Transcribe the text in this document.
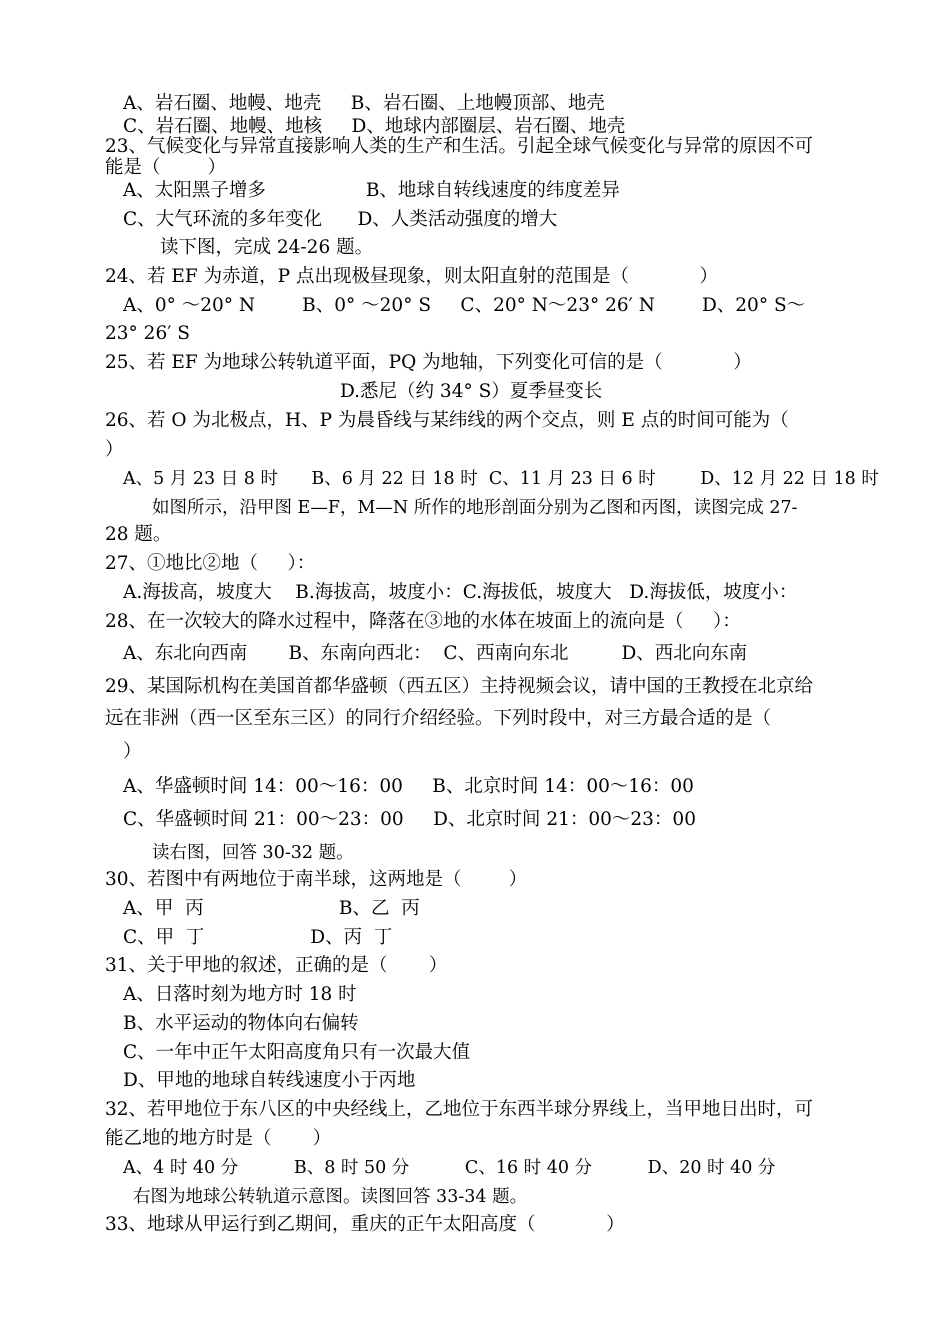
A、岩石圈、地幔、地壳     B、岩石圈、上地幔顶部、地壳
C、岩石圈、地幔、地核     D、地球内部圈层、岩石圈、地壳
23、气候变化与异常直接影响人类的生产和生活。引起全球气候变化与异常的原因不可
能是（        ）
A、太阳黑子增多                 B、地球自转线速度的纬度差异
C、大气环流的多年变化      D、人类活动强度的增大
读下图，完成 24-26 题。
24、若 EF 为赤道，P 点出现极昼现象，则太阳直射的范围是（            ）
A、0° ～20° N        B、0° ～20° S     C、20° N～23° 26′ N        D、20° S～
23° 26′ S
25、若 EF 为地球公转轨道平面，PQ 为地轴，下列变化可信的是（            ）
D.悉尼（约 34° S）夏季昼变长
26、若 O 为北极点，H、P 为晨昏线与某纬线的两个交点，则 E 点的时间可能为（
）
A、5 月 23 日 8 时      B、6 月 22 日 18 时  C、11 月 23 日 6 时        D、12 月 22 日 18 时
如图所示，沿甲图 E—F，M—N 所作的地形剖面分别为乙图和丙图，读图完成 27-
28 题。
27、①地比②地（     ）：
A.海拔高，坡度大    B.海拔高，坡度小：C.海拔低，坡度大   D.海拔低，坡度小：
28、在一次较大的降水过程中，降落在③地的水体在坡面上的流向是（     ）：
A、东北向西南       B、东南向西北：  C、西南向东北         D、西北向东南
29、某国际机构在美国首都华盛顿（西五区）主持视频会议，请中国的王教授在北京给
远在非洲（西一区至东三区）的同行介绍经验。下列时段中，对三方最合适的是（
）
A、华盛顿时间 14：00～16：00     B、北京时间 14：00～16：00
C、华盛顿时间 21：00～23：00     D、北京时间 21：00～23：00
读右图，回答 30-32 题。
30、若图中有两地位于南半球，这两地是（        ）
A、甲  丙                       B、乙  丙
C、甲  丁                  D、丙  丁
31、关于甲地的叙述，正确的是（       ）
A、日落时刻为地方时 18 时
B、水平运动的物体向右偏转
C、一年中正午太阳高度角只有一次最大值
D、甲地的地球自转线速度小于丙地
32、若甲地位于东八区的中央经线上，乙地位于东西半球分界线上，当甲地日出时，可
能乙地的地方时是（       ）
A、4 时 40 分          B、8 时 50 分          C、16 时 40 分          D、20 时 40 分
右图为地球公转轨道示意图。读图回答 33-34 题。
33、地球从甲运行到乙期间，重庆的正午太阳高度（            ）
